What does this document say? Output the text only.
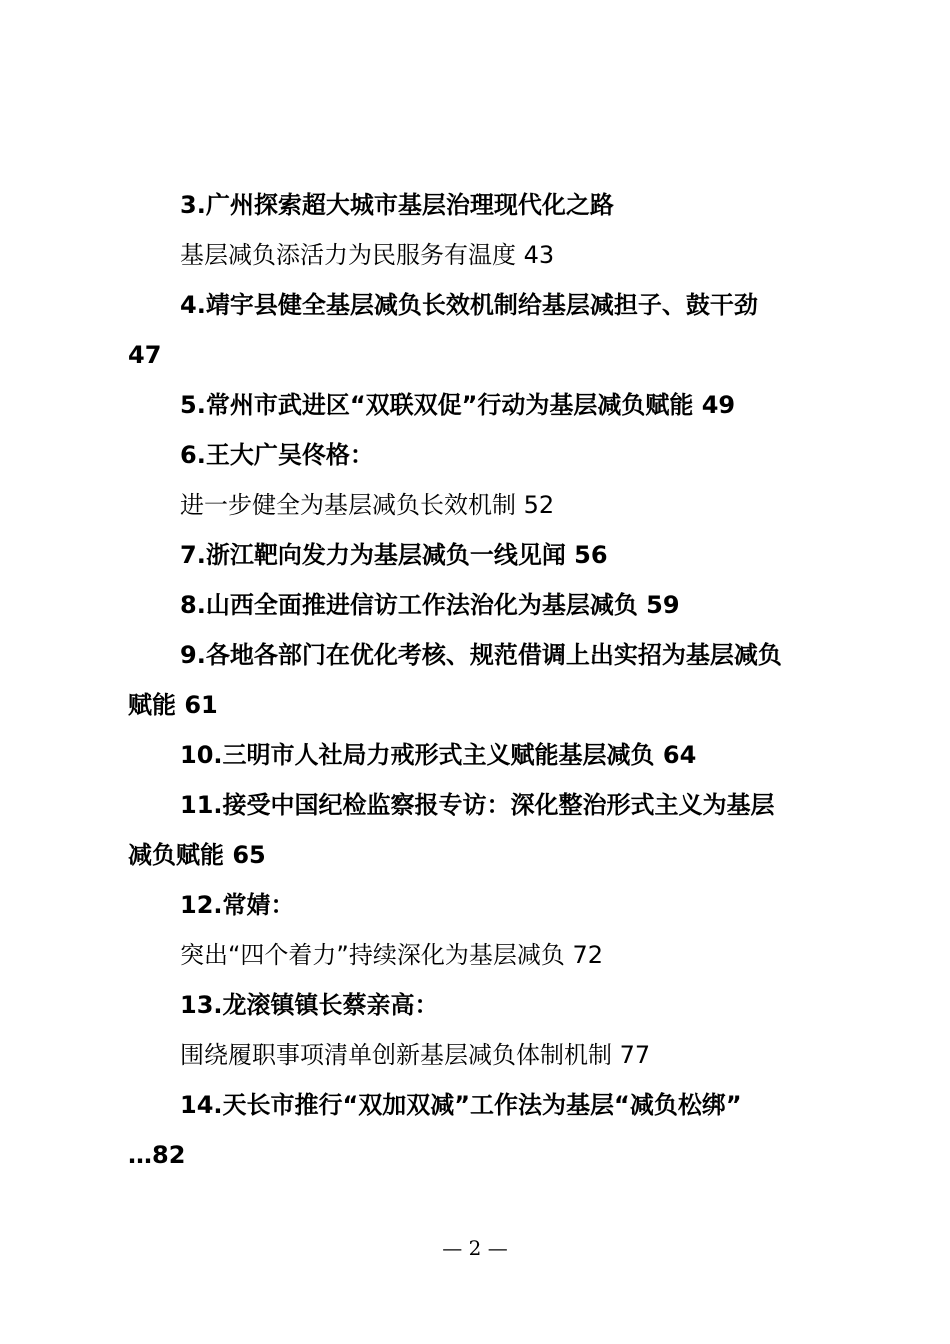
3.广州探索超大城市基层治理现代化之路
基层减负添活力为民服务有温度 43
4.靖宇县健全基层减负长效机制给基层减担子、鼓干劲
47
5.常州市武进区“双联双促”行动为基层减负赋能 49
6.王大广吴佟格：
进一步健全为基层减负长效机制 52
7.浙江靶向发力为基层减负一线见闻 56
8.山西全面推进信访工作法治化为基层减负 59
9.各地各部门在优化考核、规范借调上出实招为基层减负
赋能 61
10.三明市人社局力戒形式主义赋能基层减负 64
11.接受中国纪检监察报专访：深化整治形式主义为基层
减负赋能 65
12.常婧：
突出“四个着力”持续深化为基层减负 72
13.龙滚镇镇长蔡亲高：
围绕履职事项清单创新基层减负体制机制 77
14.天长市推行“双加双减”工作法为基层“减负松绑”
…82
— 2 —
